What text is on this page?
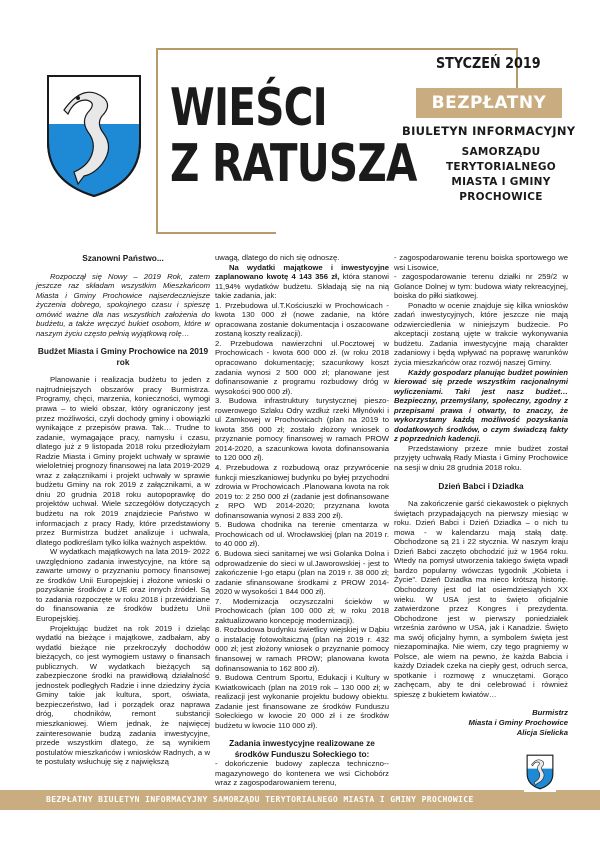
WIEŚCI
Z RATUSZA
STYCZEŃ 2019
BEZPŁATNY
BIULETYN INFORMACYJNY
SAMORZĄDU
TERYTORIALNEGO
MIASTA I GMINY
PROCHOWICE

Szanowni Państwo...

Rozpoczął się Nowy – 2019 Rok, zatem jeszcze raz składam wszystkim Mieszkańcom Miasta i Gminy Prochowice najserdeczniejsze życzenia dobrego, spokojnego czasu i spieszę omówić ważne dla nas wszystkich założenia do budżetu, a także wręczyć bukiet osobom, które w naszym życiu często pełnią wyjątkową rolę…

Budżet Miasta i Gminy Prochowice na 2019 rok

Planowanie i realizacja budżetu to jeden z najtrudniejszych obszarów pracy Burmistrza. Programy, chęci, marzenia, konieczności, wymogi prawa – to wieki obszar, który ograniczony jest przez możliwości, czyli dochody gminy i obowiązki wynikające z przepisów prawa. Tak… Trudne to zadanie, wymagające pracy, namysłu i czasu, dlatego już z 9 listopada 2018 roku przedłożyłam Radzie Miasta i Gminy projekt uchwały w sprawie wieloletniej prognozy finansowej na lata 2019-2029 wraz z załącznikami i projekt uchwały w sprawie budżetu Gminy na rok 2019 z załącznikami, a w dniu 20 grudnia 2018 roku autopoprawkę do projektów uchwał. Wiele szczegółów dotyczących budżetu na rok 2019 znajdziecie Państwo w informacjach z pracy Rady, które przedstawiony przez Burmistrza budżet analizuje i uchwala, dlatego podkreślam tylko kilka ważnych aspektów.

W wydatkach majątkowych na lata 2019- 2022 uwzględniono zadania inwestycyjne, na które są zawarte umowy o przyznaniu pomocy finansowej ze środków Unii Europejskiej i złożone wnioski o pozyskanie środków z UE oraz innych źródeł. Są to zadania rozpoczęte w roku 2018 i przewidziane do finansowania ze środków budżetu Unii Europejskiej.

Projektując budżet na rok 2019 i dzieląc wydatki na bieżące i majątkowe, zadbałam, aby wydatki bieżące nie przekroczyły dochodów bieżących, co jest wymogiem ustawy o finansach publicznych. W wydatkach bieżących są zabezpieczone środki na prawidłową działalność jednostek podległych Radzie i inne dziedziny życia Gminy takie jak kultura, sport, oświata, bezpieczeństwo, ład i porządek oraz naprawa dróg, chodników, remont substancji mieszkaniowej. Wiem jednak, że najwięcej zainteresowanie budzą zadania inwestycyjne, przede wszystkim dlatego, że są wynikiem postulatów mieszkańców i wniosków Radnych, a w te postulaty wsłuchuję się z największą

uwagą, dlatego do nich się odnoszę.

Na wydatki majątkowe i inwestycyjne zaplanowano kwotę 4 143 356 zł, która stanowi 11,94% wydatków budżetu. Składają się na nią takie zadania, jak:

1. Przebudowa ul.T.Kościuszki w Prochowicach - kwota 130 000 zł (nowe zadanie, na które opracowana zostanie dokumentacja i oszacowane zostaną koszty realizacji).

2. Przebudowa nawierzchni ul.Pocztowej w Prochowicach - kwota 600 000 zł. (w roku 2018 opracowano dokumentację; szacunkowy koszt zadania wynosi 2 500 000 zł; planowane jest dofinansowanie z programu rozbudowy dróg w wysokości 900 000 zł).

3. Budowa infrastruktury turystycznej pieszo-rowerowego Szlaku Odry wzdłuż rzeki Młynówki i ul Zamkowej w Prochowicach (plan na 2019 to kwota 356 000 zł; zostało złożony wniosek o przyznanie pomocy finansowej w ramach PROW 2014-2020, a szacunkowa kwota dofinansowania to 120 000 zł).

4. Przebudowa z rozbudową oraz przywrócenie funkcji mieszkaniowej budynku po byłej przychodni zdrowia w Prochowicach .Planowana kwota na rok 2019 to: 2 250 000 zł (zadanie jest dofinansowane z RPO WD 2014-2020; przyznana kwota dofinansowania wynosi 2 833 200 zł).

5. Budowa chodnika na terenie cmentarza w Prochowicach od ul. Wrocławskiej (plan na 2019 r. to 40 000 zł).

6. Budowa sieci sanitarnej we wsi Golanka Dolna i odprowadzenie do sieci w ul.Jaworowskiej - jest to zakończenie I-go etapu (plan na 2019 r. 38 000 zł; zadanie sfinansowane środkami z PROW 2014-2020 w wysokości 1 844 000 zł).

7. Modernizacja oczyszczalni ścieków w Prochowicach (plan 100 000 zł; w roku 2018 zaktualizowano koncepcję modernizacji).

8. Rozbudowa budynku świetlicy wiejskiej w Dąbiu o instalację fotowoltaiczną (plan na 2019 r. 432 000 zł; jest złożony wniosek o przyznanie pomocy finansowej w ramach PROW; planowana kwota dofinansowania to 162 800 zł).

9. Budowa Centrum Sportu, Edukacji i Kultury w Kwiatkowicach (plan na 2019 rok – 130 000 zł; w realizacji jest wykonanie projektu budowy obiektu. Zadanie jest finansowane ze środków Funduszu Sołeckiego w kwocie 20 000 zł i ze środków budżetu w kwocie 110 000 zł).

Zadania inwestycyjne realizowane ze środków Funduszu Sołeckiego to:

- dokończenie budowy zaplecza techniczno--magazynowego do kontenera we wsi Cichobórz wraz z zagospodarowaniem terenu,

- zagospodarowanie terenu boiska sportowego we wsi Lisowice,

- zagospodarowanie terenu działki nr 259/2 w Golance Dolnej w tym: budowa wiaty rekreacyjnej, boiska do piłki siatkowej.

Ponadto w ocenie znajduje się kilka wniosków zadań inwestycyjnych, które jeszcze nie mają odzwierciedlenia w niniejszym budżecie. Po akceptacji zostaną ujęte w trakcie wykonywania budżetu. Zadania inwestycyjne mają charakter zadaniowy i będą wpływać na poprawę warunków życia mieszkańców oraz rozwój naszej Gminy.

Każdy gospodarz planując budżet powinien kierować się przede wszystkim racjonalnymi wyliczeniami. Taki jest nasz budżet… Bezpieczny, przemyślany, społeczny, zgodny z przepisami prawa i otwarty, to znaczy, że wykorzystamy każdą możliwość pozyskania dodatkowych środków, o czym świadczą fakty z poprzednich kadencji.

Przedstawiony przeze mnie budżet został przyjęty uchwałą Rady Miasta i Gminy Prochowice na sesji w dniu 28 grudnia 2018 roku.

Dzień Babci i Dziadka

Na zakończenie garść ciekawostek o pięknych świętach przypadających na pierwszy miesiąc w roku. Dzień Babci i Dzień Dziadka – o nich tu mowa - w kalendarzu mają stałą datę. Obchodzone są 21 i 22 stycznia. W naszym kraju Dzień Babci zaczęto obchodzić już w 1964 roku. Wtedy na pomysł utworzenia takiego święta wpadł bardzo popularny wówczas tygodnik „Kobieta i Życie”. Dzień Dziadka ma nieco krótszą historię. Obchodzony jest od lat osiemdziesiątych XX wieku. W USA jest to święto oficjalnie zatwierdzone przez Kongres i prezydenta. Obchodzone jest w pierwszy poniedziałek września zarówno w USA, jak i Kanadzie. Święto ma swój oficjalny hymn, a symbolem święta jest niezapominajka. Nie wiem, czy tego pragniemy w Polsce, ale wiem na pewno, że każda Babcia i każdy Dziadek czeka na ciepły gest, odruch serca, spotkanie i rozmowę z wnuczętami. Gorąco zachęcam, aby te dni celebrować i również spieszę z bukietem kwiatów…

Burmistrz

Miasta i Gminy Prochowice

Alicja Sielicka

BEZPŁATNY BIULETYN INFORMACYJNY SAMORZĄDU TERYTORIALNEGO MIASTA I GMINY PROCHOWICE
